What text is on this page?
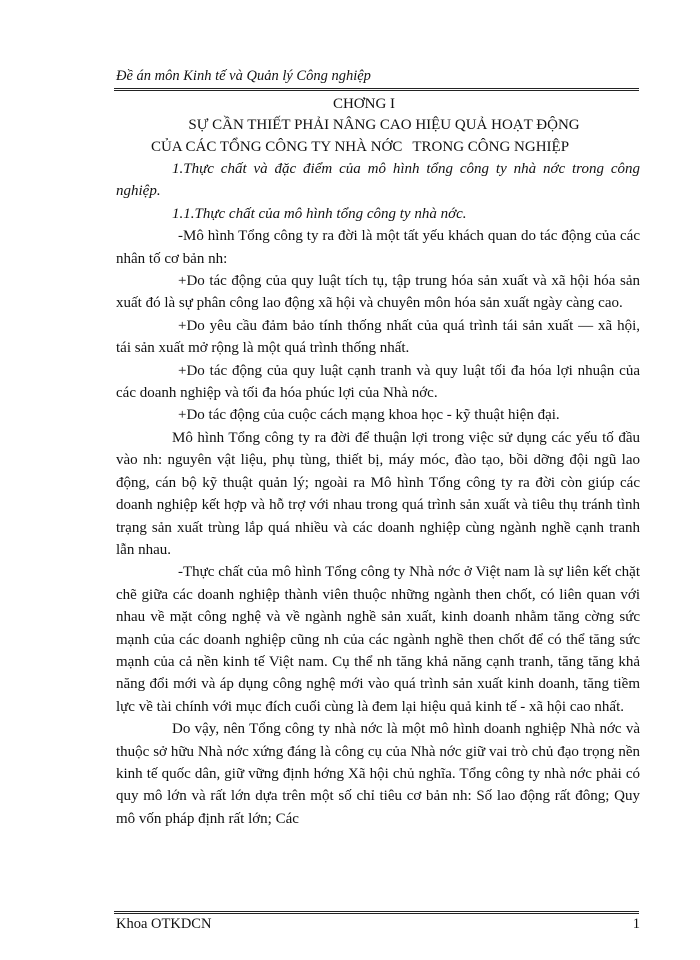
Đề án môn Kinh tế và Quản lý Công nghiệp
CHƠNG I
SỰ CẦN THIẾT PHẢI NÂNG CAO HIỆU QUẢ HOẠT ĐỘNG
CỦA CÁC TỔNG CÔNG TY NHÀ NỚC TRONG CÔNG NGHIỆP

1.Thực chất và đặc điểm của mô hình tổng công ty nhà nớc trong công nghiệp.

1.1.Thực chất của mô hình tổng công ty nhà nớc.

-Mô hình Tổng công ty ra đời là một tất yếu khách quan do tác động của các nhân tố cơ bản nh:

+Do tác động của quy luật tích tụ, tập trung hóa sản xuất và xã hội hóa sản xuất đó là sự phân công lao động xã hội và chuyên môn hóa sản xuất ngày càng cao.

+Do yêu cầu đảm bảo tính thống nhất của quá trình tái sản xuất — xã hội, tái sản xuất mở rộng là một quá trình thống nhất.

+Do tác động của quy luật cạnh tranh và quy luật tối đa hóa lợi nhuận của các doanh nghiệp và tối đa hóa phúc lợi của Nhà nớc.

+Do tác động của cuộc cách mạng khoa học - kỹ thuật hiện đại.

Mô hình Tổng công ty ra đời để thuận lợi trong việc sử dụng các yếu tố đầu vào nh: nguyên vật liệu, phụ tùng, thiết bị, máy móc, đào tạo, bồi dỡng đội ngũ lao động, cán bộ kỹ thuật quản lý; ngoài ra Mô hình Tổng công ty ra đời còn giúp các doanh nghiệp kết hợp và hỗ trợ với nhau trong quá trình sản xuất và tiêu thụ tránh tình trạng sản xuất trùng lắp quá nhiều và các doanh nghiệp cùng ngành nghề cạnh tranh lẫn nhau.

-Thực chất của mô hình Tổng công ty Nhà nớc ở Việt nam là sự liên kết chặt chẽ giữa các doanh nghiệp thành viên thuộc những ngành then chốt, có liên quan với nhau về mặt công nghệ và về ngành nghề sản xuất, kinh doanh nhằm tăng cờng sức mạnh của các doanh nghiệp cũng nh của các ngành nghề then chốt để có thể tăng sức mạnh của cả nền kinh tế Việt nam. Cụ thể nh tăng khả năng cạnh tranh, tăng tăng khả năng đổi mới và áp dụng công nghệ mới vào quá trình sản xuất kinh doanh, tăng tiềm lực về tài chính với mục đích cuối cùng là đem lại hiệu quả kinh tế - xã hội cao nhất.

Do vậy, nên Tổng công ty nhà nớc là một mô hình doanh nghiệp Nhà nớc và thuộc sở hữu Nhà nớc xứng đáng là công cụ của Nhà nớc giữ vai trò chủ đạo trọng nền kinh tế quốc dân, giữ vững định hớng Xã hội chủ nghĩa. Tổng công ty nhà nớc phải có quy mô lớn và rất lớn dựa trên một số chỉ tiêu cơ bản nh: Số lao động rất đông; Quy mô vốn pháp định rất lớn; Các

Khoa OTKDCN	1
